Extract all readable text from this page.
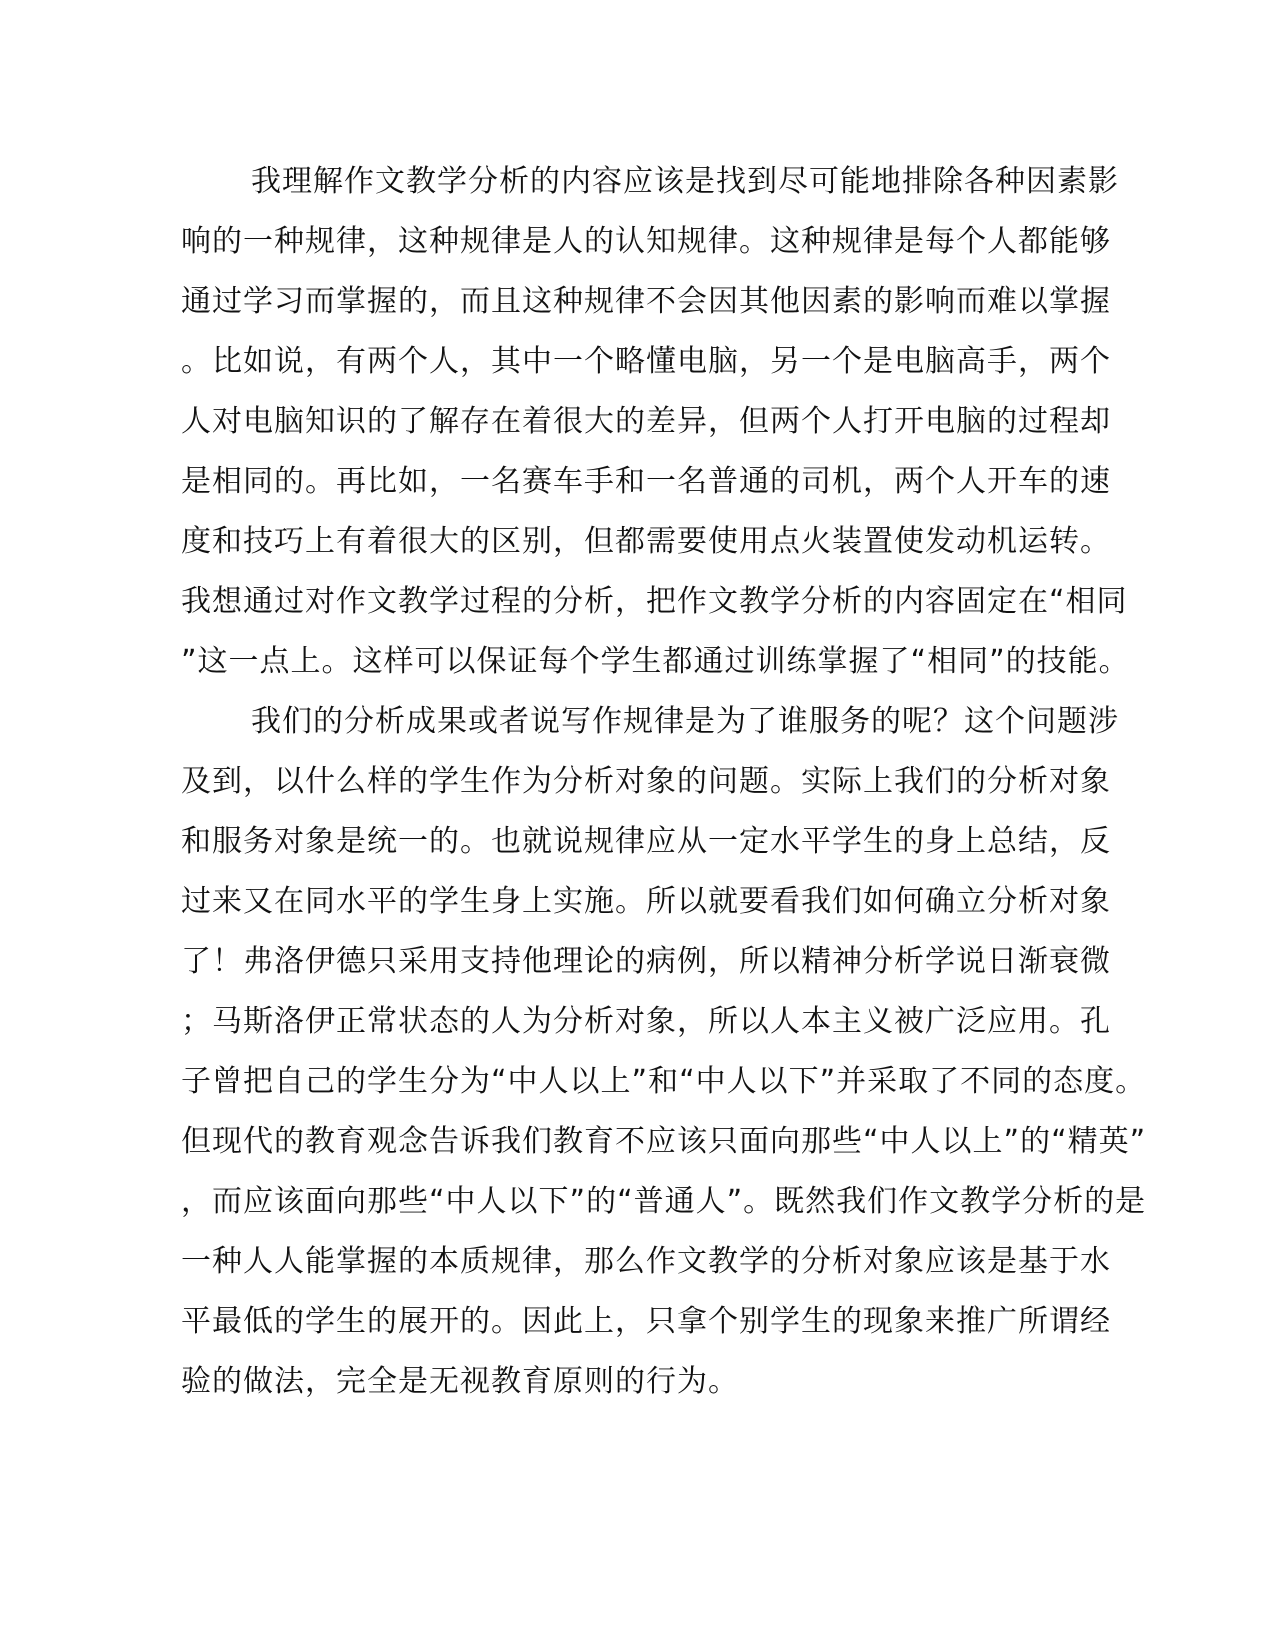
我理解作文教学分析的内容应该是找到尽可能地排除各种因素影
响的一种规律，这种规律是人的认知规律。这种规律是每个人都能够
通过学习而掌握的，而且这种规律不会因其他因素的影响而难以掌握
。比如说，有两个人，其中一个略懂电脑，另一个是电脑高手，两个
人对电脑知识的了解存在着很大的差异，但两个人打开电脑的过程却
是相同的。再比如，一名赛车手和一名普通的司机，两个人开车的速
度和技巧上有着很大的区别，但都需要使用点火装置使发动机运转。
我想通过对作文教学过程的分析，把作文教学分析的内容固定在“相同
”这一点上。这样可以保证每个学生都通过训练掌握了“相同”的技能。
我们的分析成果或者说写作规律是为了谁服务的呢？这个问题涉
及到，以什么样的学生作为分析对象的问题。实际上我们的分析对象
和服务对象是统一的。也就说规律应从一定水平学生的身上总结，反
过来又在同水平的学生身上实施。所以就要看我们如何确立分析对象
了！弗洛伊德只采用支持他理论的病例，所以精神分析学说日渐衰微
；马斯洛伊正常状态的人为分析对象，所以人本主义被广泛应用。孔
子曾把自己的学生分为“中人以上”和“中人以下”并采取了不同的态度。
但现代的教育观念告诉我们教育不应该只面向那些“中人以上”的“精英”
，而应该面向那些“中人以下”的“普通人”。既然我们作文教学分析的是
一种人人能掌握的本质规律，那么作文教学的分析对象应该是基于水
平最低的学生的展开的。因此上，只拿个别学生的现象来推广所谓经
验的做法，完全是无视教育原则的行为。
